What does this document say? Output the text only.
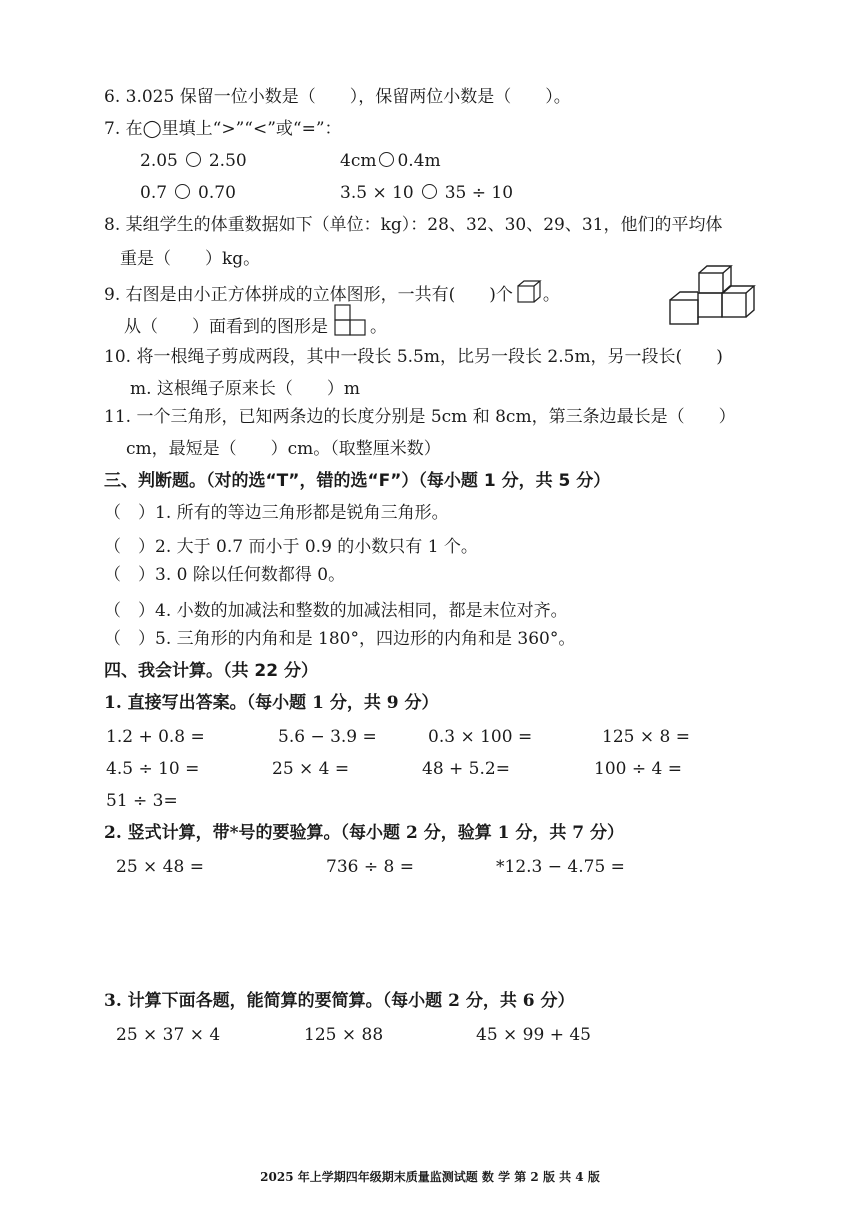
6. 3.025 保留一位小数是（　　），保留两位小数是（　　）。
7. 在◯里填上“>”“<”或“=”：
2.05 2.50	4cm 0.4m
0.7 0.70	3.5 × 10 35 ÷ 10
8. 某组学生的体重数据如下（单位：kg）：28、32、30、29、31，他们的平均体
重是（　　）kg。
9. 右图是由小正方体拼成的立体图形，一共有(　　)个 。
从（　　）面看到的图形是 。
10. 将一根绳子剪成两段，其中一段长 5.5m，比另一段长 2.5m，另一段长(　　)
m. 这根绳子原来长（　　）m
11. 一个三角形，已知两条边的长度分别是 5cm 和 8cm，第三条边最长是（　　）
cm，最短是（　　）cm。（取整厘米数）
三、判断题。（对的选“T”，错的选“F”）（每小题 1 分，共 5 分）
（　）1. 所有的等边三角形都是锐角三角形。
（　）2. 大于 0.7 而小于 0.9 的小数只有 1 个。
（　）3. 0 除以任何数都得 0。
（　）4. 小数的加减法和整数的加减法相同，都是末位对齐。
（　）5. 三角形的内角和是 180°，四边形的内角和是 360°。
四、我会计算。（共 22 分）
1. 直接写出答案。（每小题 1 分，共 9 分）
1.2 + 0.8 =	5.6 − 3.9 =	0.3 × 100 =	125 × 8 =
4.5 ÷ 10 =	25 × 4 =	48 + 5.2=	100 ÷ 4 =
51 ÷ 3=
2. 竖式计算，带*号的要验算。（每小题 2 分，验算 1 分，共 7 分）
25 × 48 =	736 ÷ 8 =	*12.3 − 4.75 =
3. 计算下面各题，能简算的要简算。（每小题 2 分，共 6 分）
25 × 37 × 4	125 × 88	45 × 99 + 45
2025 年上学期四年级期末质量监测试题 数 学 第 2 版 共 4 版
